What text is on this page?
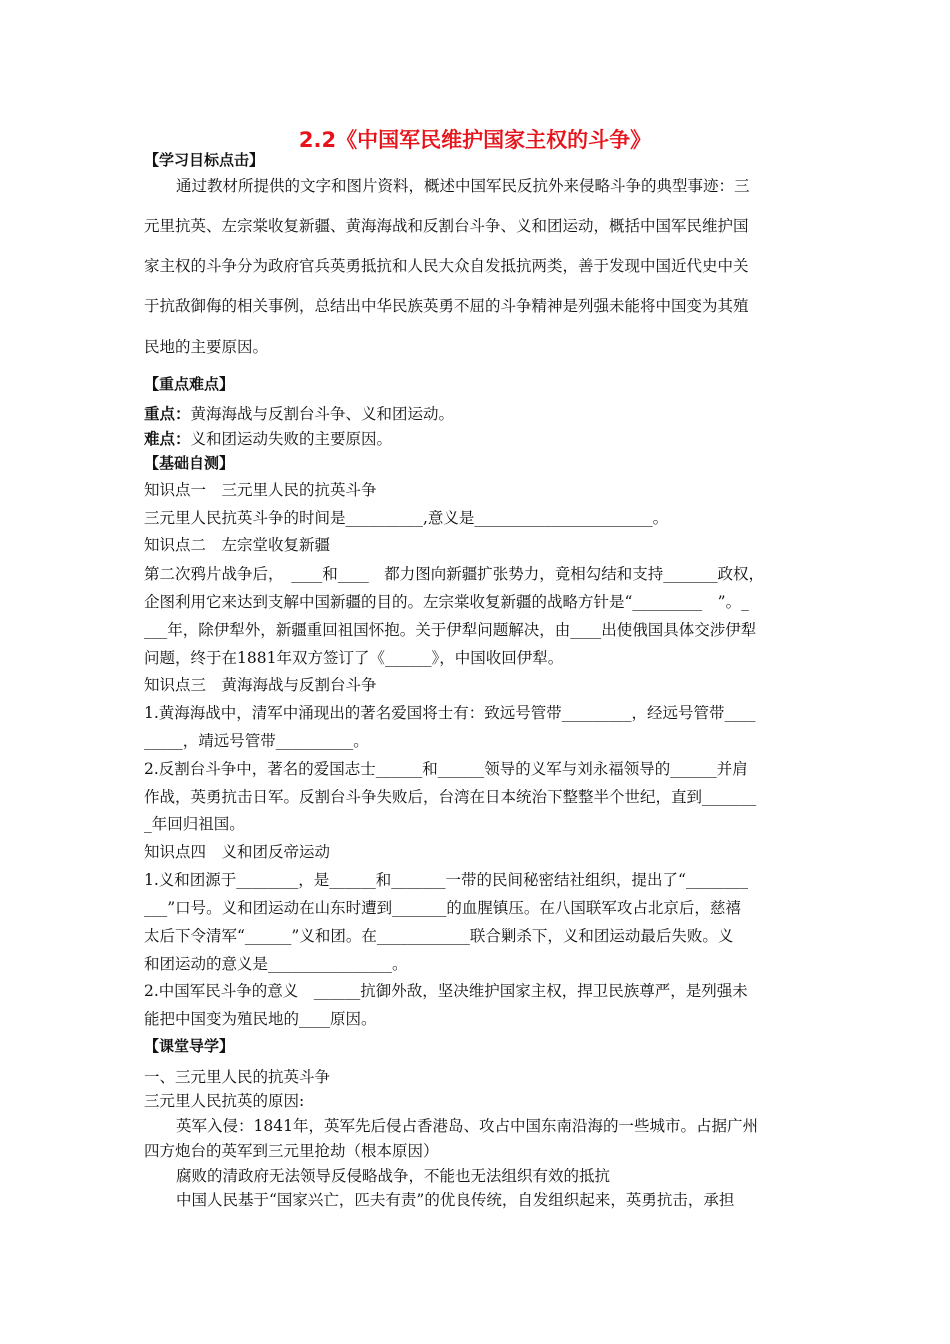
2.2《中国军民维护国家主权的斗争》
【学习目标点击】
通过教材所提供的文字和图片资料，概述中国军民反抗外来侵略斗争的典型事迹：三
元里抗英、左宗棠收复新疆、黄海海战和反割台斗争、义和团运动，概括中国军民维护国
家主权的斗争分为政府官兵英勇抵抗和人民大众自发抵抗两类，善于发现中国近代史中关
于抗敌御侮的相关事例，总结出中华民族英勇不屈的斗争精神是列强未能将中国变为其殖
民地的主要原因。
【重点难点】
重点：黄海海战与反割台斗争、义和团运动。
难点：义和团运动失败的主要原因。
【基础自测】
知识点一　三元里人民的抗英斗争
三元里人民抗英斗争的时间是__________,意义是_______________________。
知识点二　左宗堂收复新疆
第二次鸦片战争后，　____和____　都力图向新疆扩张势力，竟相勾结和支持_______政权，
企图利用它来达到支解中国新疆的目的。左宗棠收复新疆的战略方针是“_________　”。_
___年，除伊犁外，新疆重回祖国怀抱。关于伊犁问题解决，由____出使俄国具体交涉伊犁
问题，终于在1881年双方签订了《______》，中国收回伊犁。
知识点三　黄海海战与反割台斗争
1.黄海海战中，清军中涌现出的著名爱国将士有：致远号管带_________，经远号管带____
_____，靖远号管带__________。
2.反割台斗争中，著名的爱国志士______和______领导的义军与刘永福领导的______并肩
作战，英勇抗击日军。反割台斗争失败后，台湾在日本统治下整整半个世纪，直到_______
_年回归祖国。
知识点四　义和团反帝运动
1.义和团源于________，是______和_______一带的民间秘密结社组织，提出了“________
___”口号。义和团运动在山东时遭到_______的血腥镇压。在八国联军攻占北京后，慈禧
太后下令清军“______”义和团。在____________联合剿杀下，义和团运动最后失败。义
和团运动的意义是________________。
2.中国军民斗争的意义　______抗御外敌，坚决维护国家主权，捍卫民族尊严，是列强未
能把中国变为殖民地的____原因。
【课堂导学】
一、三元里人民的抗英斗争
三元里人民抗英的原因:
英军入侵：1841年，英军先后侵占香港岛、攻占中国东南沿海的一些城市。占据广州
四方炮台的英军到三元里抢劫（根本原因）
腐败的清政府无法领导反侵略战争，不能也无法组织有效的抵抗
中国人民基于“国家兴亡，匹夫有责”的优良传统，自发组织起来，英勇抗击，承担
